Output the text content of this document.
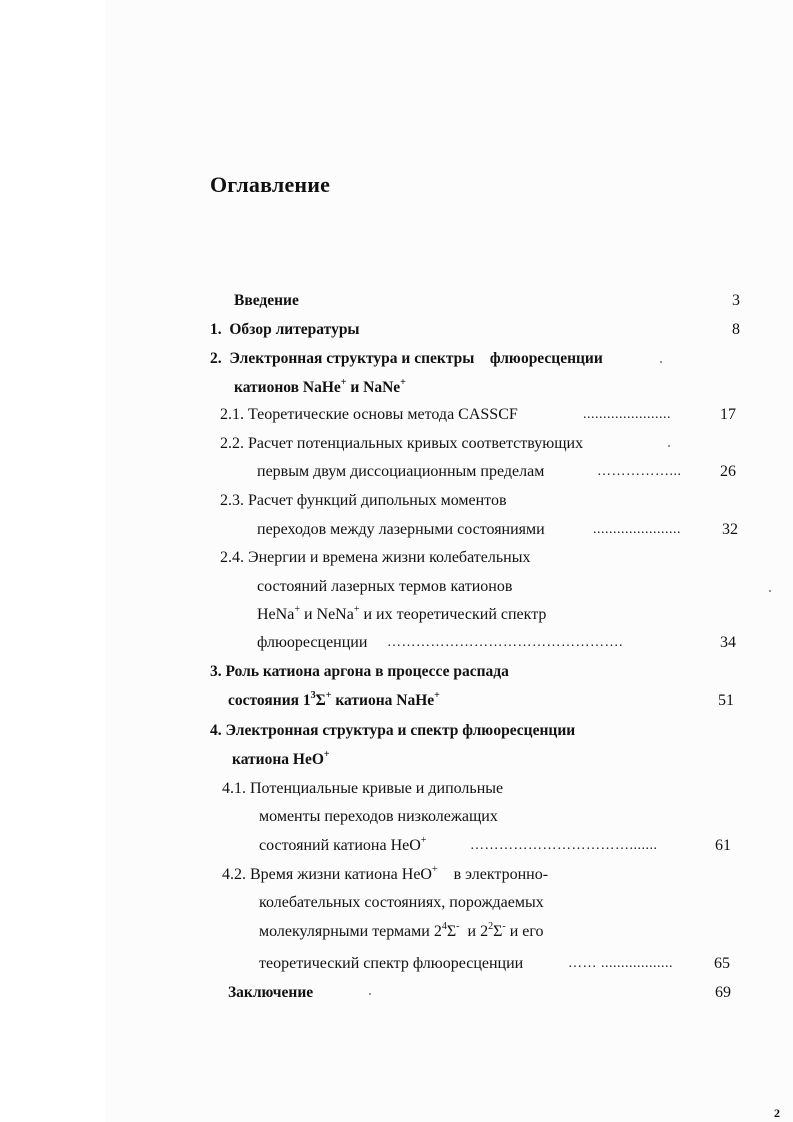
Оглавление
Введение	3
1. Обзор литературы	8
2. Электронная структура и спектры    флюоресценции
катионов NaHe+ и NaNe+
2.1. Теоретические основы метода CASSCF	......................	17
2.2. Расчет потенциальных кривых соответствующих
первым двум диссоциационным пределам	……………...	26
2.3. Расчет функций дипольных моментов
переходов между лазерными состояниями	......................	32
2.4. Энергии и времена жизни колебательных
состояний лазерных термов катионов
HeNa+ и NeNa+ и их теоретический спектр
флюоресценции ………………………………………….	34
3. Роль катиона аргона в процессе распада
состояния $1^3\Sigma^+$ катиона NaHe+	51
4. Электронная структура и спектр флюоресценции
катиона HeO+
4.1. Потенциальные кривые и дипольные
моменты переходов низколежащих
состояний катиона HeO+	…………………………….......	61
4.2. Время жизни катиона HeO+    в электронно-
колебательных состояниях, порождаемых
молекулярными термами $2^4\Sigma^-$  и $2^2\Sigma^-$ и его
теоретический спектр флюоресценции	…… ..................	65
Заключение	69
2
